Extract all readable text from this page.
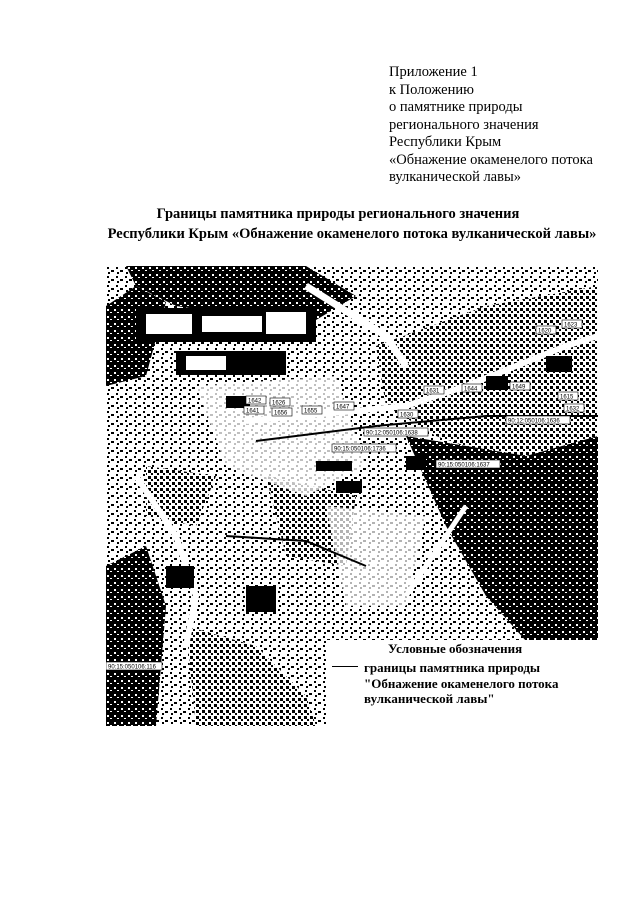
Приложение 1
к Положению
о памятнике природы
регионального значения
Республики Крым
«Обнажение окаменелого потока
вулканической лавы»
Границы памятника природы регионального значения
Республики Крым «Обнажение окаменелого потока вулканической лавы»
1642
1641
1626
1656	1655
1647
1630
1631	1644	1649
1615
1620
1623
1632
90:12:050106:1638
90:12:050106:1636
90:15:050106:1736
90:15:050106:1637
90:15:050106:116
Условные обозначения
границы памятника природы
"Обнажение окаменелого потока
вулканической лавы"
